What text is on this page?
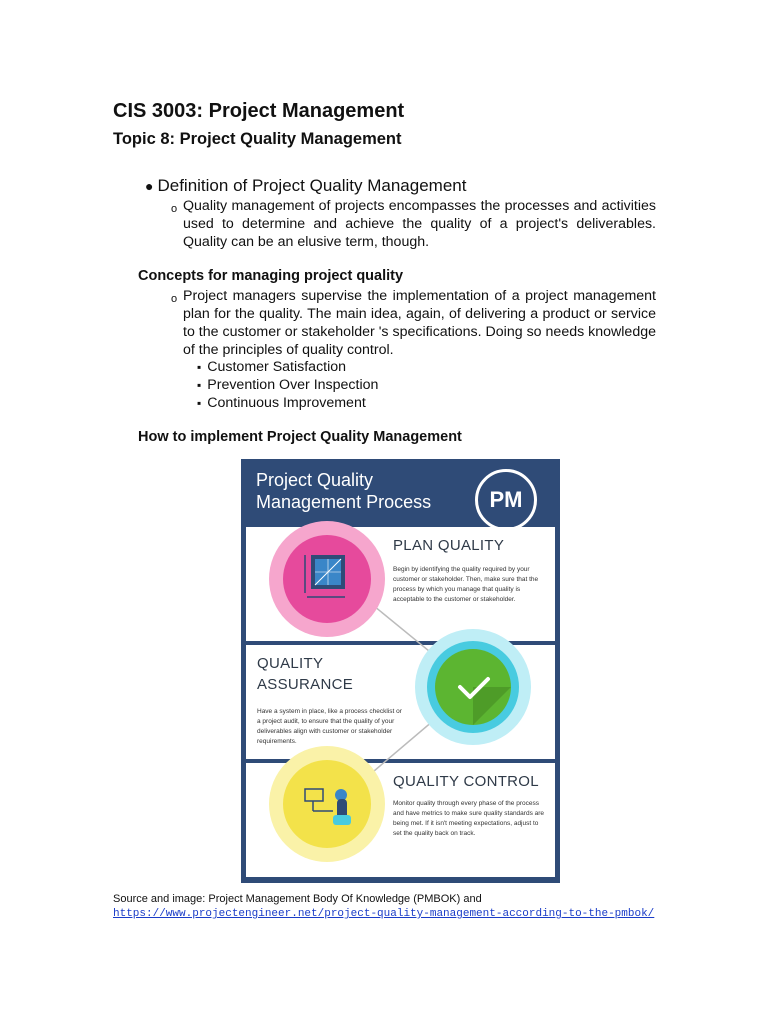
CIS 3003: Project Management
Topic 8: Project Quality Management
● Definition of Project Quality Management
o Quality management of projects encompasses the processes and activities used to determine and achieve the quality of a project's deliverables. Quality can be an elusive term, though.
Concepts for managing project quality
o Project managers supervise the implementation of a project management plan for the quality. The main idea, again, of delivering a product or service to the customer or stakeholder 's specifications. Doing so needs knowledge of the principles of quality control.
▪ Customer Satisfaction
▪ Prevention Over Inspection
▪ Continuous Improvement
How to implement Project Quality Management
Project Quality
Management Process	PM
PLAN QUALITY
Begin by identifying the quality required by your customer or stakeholder. Then, make sure that the process by which you manage that quality is acceptable to the customer or stakeholder.
QUALITY
ASSURANCE
Have a system in place, like a process checklist or a project audit, to ensure that the quality of your deliverables align with customer or stakeholder requirements.
QUALITY CONTROL
Monitor quality through every phase of the process and have metrics to make sure quality standards are being met. If it isn't meeting expectations, adjust to set the quality back on track.
Source and image: Project Management Body Of Knowledge (PMBOK) and
https://www.projectengineer.net/project-quality-management-according-to-the-pmbok/
